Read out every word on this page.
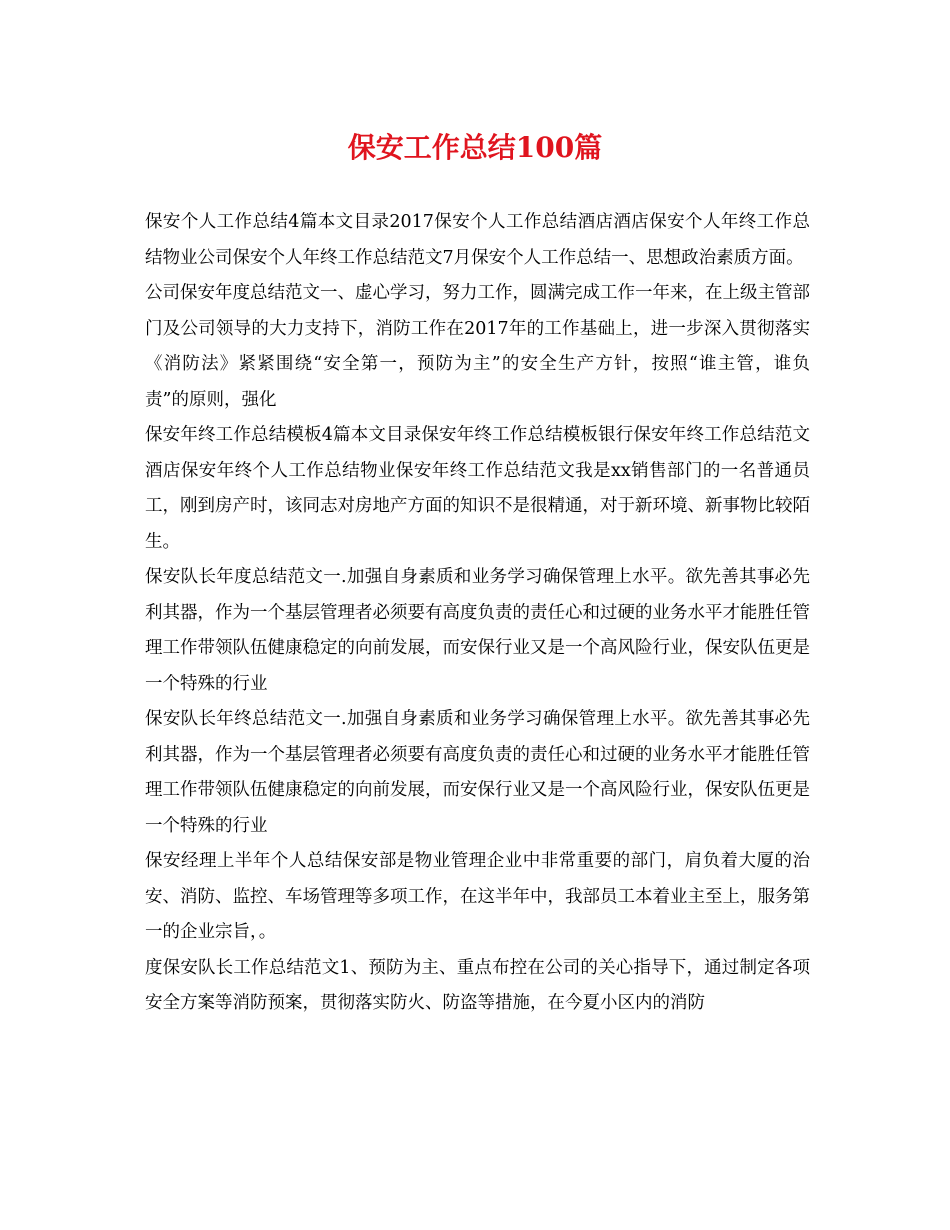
保安工作总结100篇

保安个人工作总结4篇本文目录2017保安个人工作总结酒店酒店保安个人年终工作总结物业公司保安个人年终工作总结范文7月保安个人工作总结一、思想政治素质方面。

公司保安年度总结范文一、虚心学习，努力工作，圆满完成工作一年来，在上级主管部门及公司领导的大力支持下，消防工作在2017年的工作基础上，进一步深入贯彻落实《消防法》紧紧围绕“安全第一，预防为主”的安全生产方针，按照“谁主管，谁负责”的原则，强化

保安年终工作总结模板4篇本文目录保安年终工作总结模板银行保安年终工作总结范文酒店保安年终个人工作总结物业保安年终工作总结范文我是xx销售部门的一名普通员工，刚到房产时，该同志对房地产方面的知识不是很精通，对于新环境、新事物比较陌生。

保安队长年度总结范文一.加强自身素质和业务学习确保管理上水平。欲先善其事必先利其器，作为一个基层管理者必须要有高度负责的责任心和过硬的业务水平才能胜任管理工作带领队伍健康稳定的向前发展，而安保行业又是一个高风险行业，保安队伍更是一个特殊的行业

保安队长年终总结范文一.加强自身素质和业务学习确保管理上水平。欲先善其事必先利其器，作为一个基层管理者必须要有高度负责的责任心和过硬的业务水平才能胜任管理工作带领队伍健康稳定的向前发展，而安保行业又是一个高风险行业，保安队伍更是一个特殊的行业

保安经理上半年个人总结保安部是物业管理企业中非常重要的部门，肩负着大厦的治安、消防、监控、车场管理等多项工作，在这半年中，我部员工本着业主至上，服务第一的企业宗旨，。

度保安队长工作总结范文1、预防为主、重点布控在公司的关心指导下，通过制定各项安全方案等消防预案，贯彻落实防火、防盗等措施，在今夏小区内的消防
